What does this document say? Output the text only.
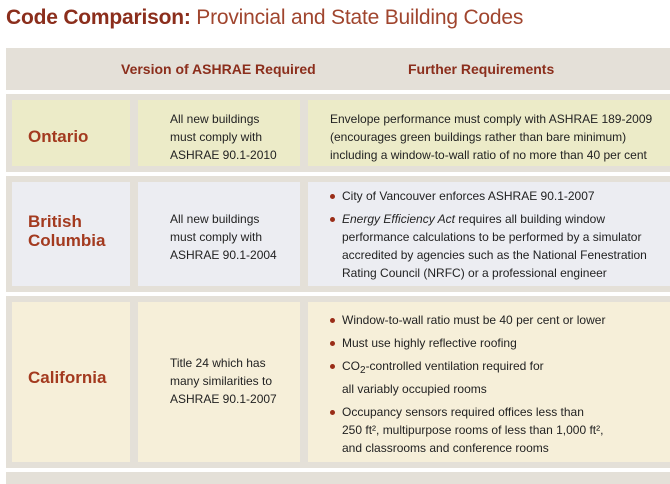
Code Comparison: Provincial and State Building Codes
Version of ASHRAE Required	Further Requirements
Ontario
All new buildings
must comply with
ASHRAE 90.1-2010

Envelope performance must comply with ASHRAE 189-2009
(encourages green buildings rather than bare minimum)
including a window-to-wall ratio of no more than 40 per cent

British
Columbia
All new buildings
must comply with
ASHRAE 90.1-2004
City of Vancouver enforces ASHRAE 90.1-2007
Energy Efficiency Act requires all building window
performance calculations to be performed by a simulator
accredited by agencies such as the National Fenestration
Rating Council (NRFC) or a professional engineer
California
Title 24 which has
many similarities to
ASHRAE 90.1-2007
Window-to-wall ratio must be 40 per cent or lower
Must use highly reflective roofing
$CO_2$-controlled ventilation required for
all variably occupied rooms
Occupancy sensors required offices less than
250 ft², multipurpose rooms of less than 1,000 ft²,
and classrooms and conference rooms
